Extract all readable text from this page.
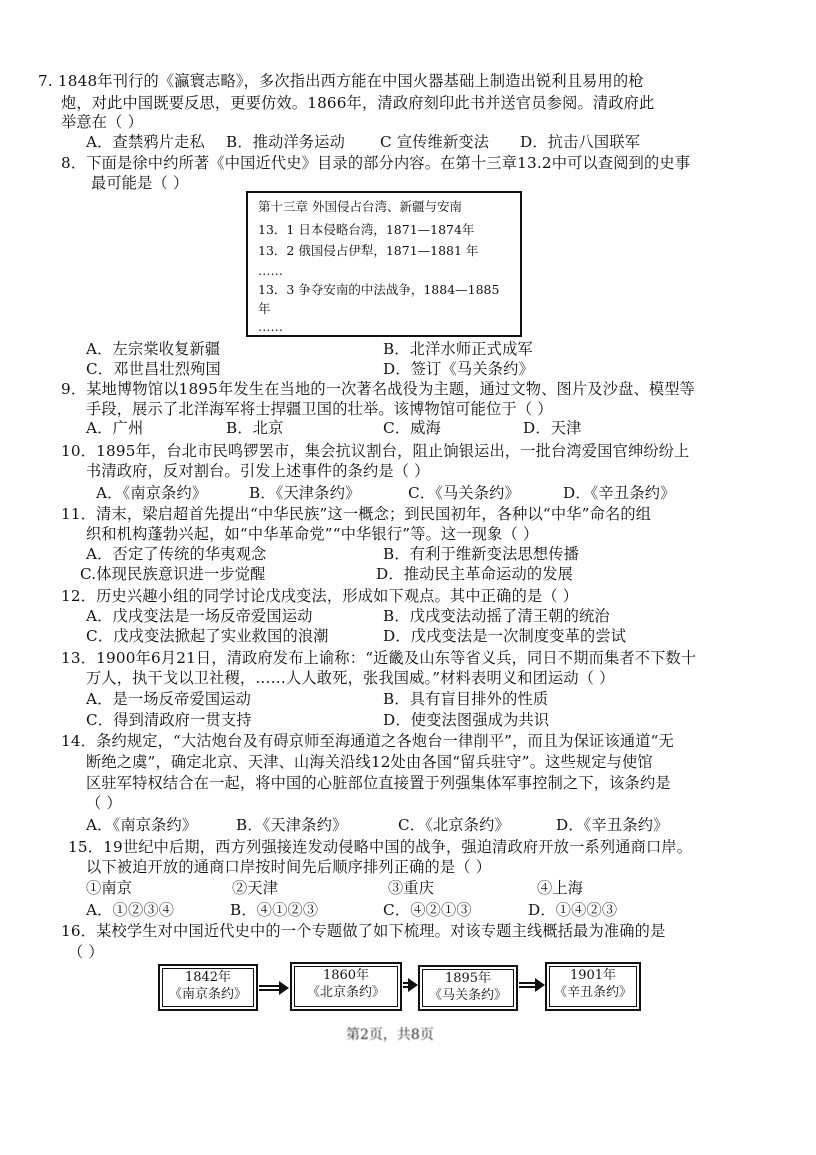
7. 1848年刊行的《瀛寰志略》，多次指出西方能在中国火器基础上制造出锐利且易用的枪
炮，对此中国既要反思，更要仿效。1866年，清政府刻印此书并送官员参阅。清政府此
举意在（ ）
A．查禁鸦片走私 B．推动洋务运动 C 宣传维新变法 D．抗击八国联军
8．下面是徐中约所著《中国近代史》目录的部分内容。在第十三章13.2中可以查阅到的史事
最可能是（ ）
第十三章 外国侵占台湾、新疆与安南
13．1 日本侵略台湾，1871—1874年
13．2 俄国侵占伊犁，1871—1881 年
……
13．3 争夺安南的中法战争，1884—1885
年
……
A．左宗棠收复新疆	B．北洋水师正式成军
C．邓世昌壮烈殉国	D．签订《马关条约》
9．某地博物馆以1895年发生在当地的一次著名战役为主题，通过文物、图片及沙盘、模型等
手段，展示了北洋海军将士捍疆卫国的壮举。该博物馆可能位于（ ）
A．广州	B．北京	C．威海	D．天津
10．1895年，台北市民鸣锣罢市，集会抗议割台，阻止饷银运出，一批台湾爱国官绅纷纷上
书清政府，反对割台。引发上述事件的条约是（ ）
A．《南京条约》	B．《天津条约》	C．《马关条约》	D．《辛丑条约》
11．清末，梁启超首先提出“中华民族”这一概念；到民国初年，各种以“中华”命名的组
织和机构蓬勃兴起，如“中华革命党”“中华银行”等。这一现象（ ）
A．否定了传统的华夷观念	B．有利于维新变法思想传播
C.体现民族意识进一步觉醒	D．推动民主革命运动的发展
12．历史兴趣小组的同学讨论戊戌变法，形成如下观点。其中正确的是（ ）
A．戊戌变法是一场反帝爱国运动	B．戊戌变法动摇了清王朝的统治
C．戊戌变法掀起了实业救国的浪潮	D．戊戌变法是一次制度变革的尝试
13．1900年6月21日，清政府发布上谕称：“近畿及山东等省义兵，同日不期而集者不下数十
万人，执干戈以卫社稷，……人人敢死，张我国威。”材料表明义和团运动（ ）
A．是一场反帝爱国运动	B．具有盲目排外的性质
C．得到清政府一贯支持	D．使变法图强成为共识
14．条约规定，“大沽炮台及有碍京师至海通道之各炮台一律削平”，而且为保证该通道“无
断绝之虞”，确定北京、天津、山海关沿线12处由各国“留兵驻守”。这些规定与使馆
区驻军特权结合在一起，将中国的心脏部位直接置于列强集体军事控制之下，该条约是
（ ）
A．《南京条约》	B．《天津条约》	C．《北京条约》	D．《辛丑条约》
15．19世纪中后期，西方列强接连发动侵略中国的战争，强迫清政府开放一系列通商口岸。
以下被迫开放的通商口岸按时间先后顺序排列正确的是（ ）
①南京	②天津	③重庆	④上海
A．①②③④	B．④①②③	C．④②①③	D．①④②③
16．某校学生对中国近代史中的一个专题做了如下梳理。对该专题主线概括最为准确的是
（ ）
1842年
《南京条约》
1860年
《北京条约》
1895年
《马关条约》
1901年
《辛丑条约》
第2页，共8页
